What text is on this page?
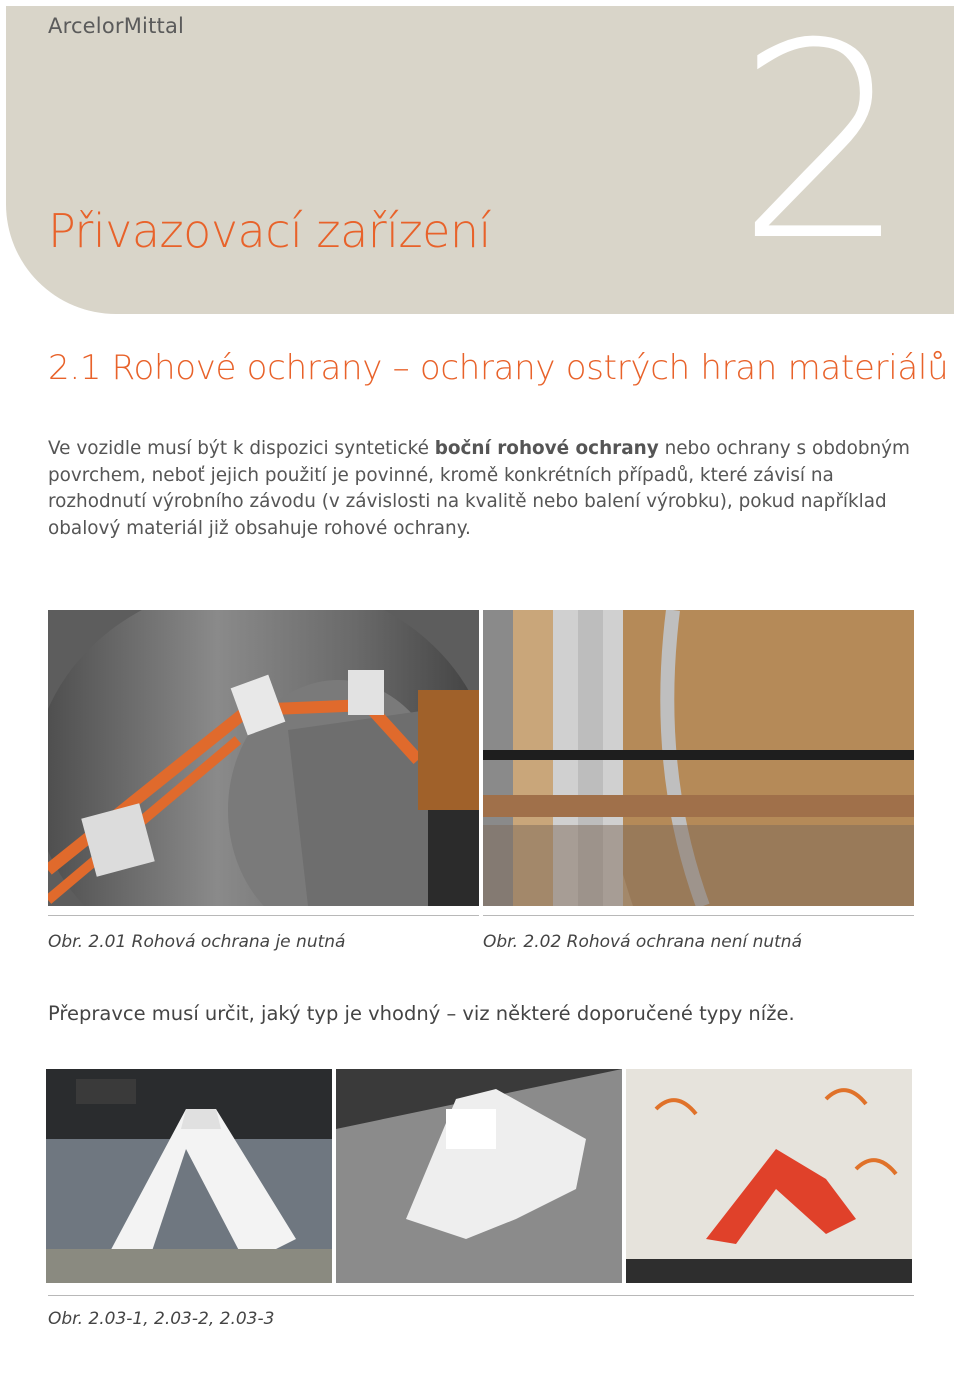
ArcelorMittal 2
Přivazovací zařízení
2.1 Rohové ochrany – ochrany ostrých hran materiálů
Ve vozidle musí být k dispozici syntetické boční rohové ochrany nebo ochrany s obdobným povrchem, neboť jejich použití je povinné, kromě konkrétních případů, které závisí na rozhodnutí výrobního závodu (v závislosti na kvalitě nebo balení výrobku), pokud například obalový materiál již obsahuje rohové ochrany.
Obr. 2.01 Rohová ochrana je nutná	Obr. 2.02 Rohová ochrana není nutná
Přepravce musí určit, jaký typ je vhodný – viz některé doporučené typy níže.
Obr. 2.03-1, 2.03-2, 2.03-3
